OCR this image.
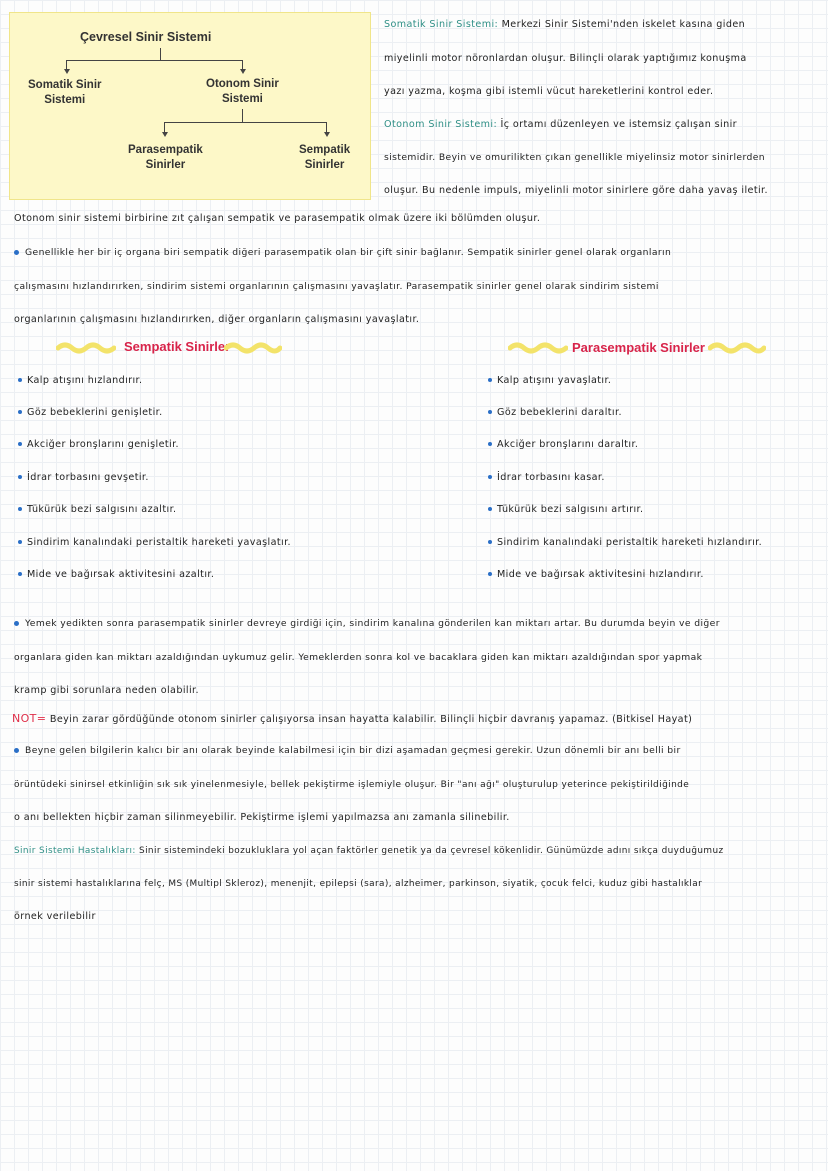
Çevresel Sinir Sistemi
Somatik Sinir
Sistemi
Otonom Sinir
Sistemi
Parasempatik
Sinirler
Sempatik
Sinirler
Somatik Sinir Sistemi: Merkezi Sinir Sistemi'nden iskelet kasına giden
miyelinli motor nöronlardan oluşur. Bilinçli olarak yaptığımız konuşma
yazı yazma, koşma gibi istemli vücut hareketlerini kontrol eder.
Otonom Sinir Sistemi: İç ortamı düzenleyen ve istemsiz çalışan sinir
sistemidir. Beyin ve omurilikten çıkan genellikle miyelinsiz motor sinirlerden
oluşur. Bu nedenle impuls, miyelinli motor sinirlere göre daha yavaş iletir.
Otonom sinir sistemi birbirine zıt çalışan sempatik ve parasempatik olmak üzere iki bölümden oluşur.
Genellikle her bir iç organa biri sempatik diğeri parasempatik olan bir çift sinir bağlanır. Sempatik sinirler genel olarak organların
çalışmasını hızlandırırken, sindirim sistemi organlarının çalışmasını yavaşlatır. Parasempatik sinirler genel olarak sindirim sistemi
organlarının çalışmasını hızlandırırken, diğer organların çalışmasını yavaşlatır.
Sempatik Sinirler	Parasempatik Sinirler
Kalp atışını hızlandırır.
Göz bebeklerini genişletir.
Akciğer bronşlarını genişletir.
İdrar torbasını gevşetir.
Tükürük bezi salgısını azaltır.
Sindirim kanalındaki peristaltik hareketi yavaşlatır.
Mide ve bağırsak aktivitesini azaltır.
Kalp atışını yavaşlatır.
Göz bebeklerini daraltır.
Akciğer bronşlarını daraltır.
İdrar torbasını kasar.
Tükürük bezi salgısını artırır.
Sindirim kanalındaki peristaltik hareketi hızlandırır.
Mide ve bağırsak aktivitesini hızlandırır.
Yemek yedikten sonra parasempatik sinirler devreye girdiği için, sindirim kanalına gönderilen kan miktarı artar. Bu durumda beyin ve diğer
organlara giden kan miktarı azaldığından uykumuz gelir. Yemeklerden sonra kol ve bacaklara giden kan miktarı azaldığından spor yapmak
kramp gibi sorunlara neden olabilir.
NOT= Beyin zarar gördüğünde otonom sinirler çalışıyorsa insan hayatta kalabilir. Bilinçli hiçbir davranış yapamaz. (Bitkisel Hayat)
Beyne gelen bilgilerin kalıcı bir anı olarak beyinde kalabilmesi için bir dizi aşamadan geçmesi gerekir. Uzun dönemli bir anı belli bir
örüntüdeki sinirsel etkinliğin sık sık yinelenmesiyle, bellek pekiştirme işlemiyle oluşur. Bir "anı ağı" oluşturulup yeterince pekiştirildiğinde
o anı bellekten hiçbir zaman silinmeyebilir. Pekiştirme işlemi yapılmazsa anı zamanla silinebilir.
Sinir Sistemi Hastalıkları: Sinir sistemindeki bozukluklara yol açan faktörler genetik ya da çevresel kökenlidir. Günümüzde adını sıkça duyduğumuz
sinir sistemi hastalıklarına felç, MS (Multipl Skleroz), menenjit, epilepsi (sara), alzheimer, parkinson, siyatik, çocuk felci, kuduz gibi hastalıklar
örnek verilebilir
